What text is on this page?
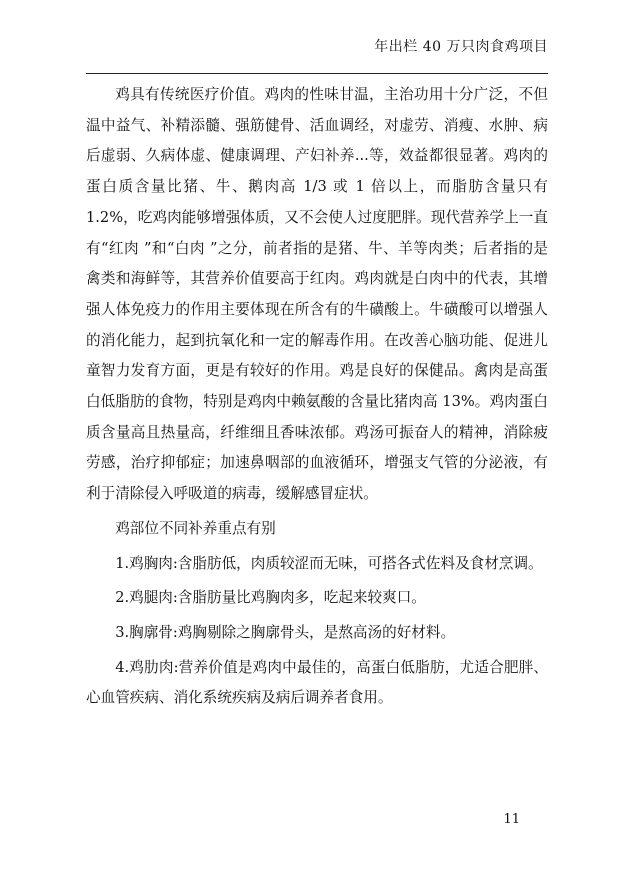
年出栏 40 万只肉食鸡项目

鸡具有传统医疗价值。鸡肉的性味甘温，主治功用十分广泛，不但温中益气、补精添髓、强筋健骨、活血调经，对虚劳、消瘦、水肿、病后虚弱、久病体虚、健康调理、产妇补养...等，效益都很显著。鸡肉的蛋白质含量比猪、牛、鹅肉高 1/3 或 1 倍以上，而脂肪含量只有 1.2%，吃鸡肉能够增强体质，又不会使人过度肥胖。现代营养学上一直有“红肉 ”和“白肉 ”之分，前者指的是猪、牛、羊等肉类；后者指的是禽类和海鲜等，其营养价值要高于红肉。鸡肉就是白肉中的代表，其增强人体免疫力的作用主要体现在所含有的牛磺酸上。牛磺酸可以增强人的消化能力，起到抗氧化和一定的解毒作用。在改善心脑功能、促进儿童智力发育方面，更是有较好的作用。鸡是良好的保健品。禽肉是高蛋白低脂肪的食物，特别是鸡肉中赖氨酸的含量比猪肉高 13%。鸡肉蛋白质含量高且热量高，纤维细且香味浓郁。鸡汤可振奋人的精神，消除疲劳感，治疗抑郁症；加速鼻咽部的血液循环，增强支气管的分泌液，有利于清除侵入呼吸道的病毒，缓解感冒症状。

鸡部位不同补养重点有别

1.鸡胸肉:含脂肪低，肉质较涩而无味，可搭各式佐料及食材烹调。

2.鸡腿肉:含脂肪量比鸡胸肉多，吃起来较爽口。

3.胸廓骨:鸡胸剔除之胸廓骨头，是熬高汤的好材料。

4.鸡肋肉:营养价值是鸡肉中最佳的，高蛋白低脂肪，尤适合肥胖、心血管疾病、消化系统疾病及病后调养者食用。

11
